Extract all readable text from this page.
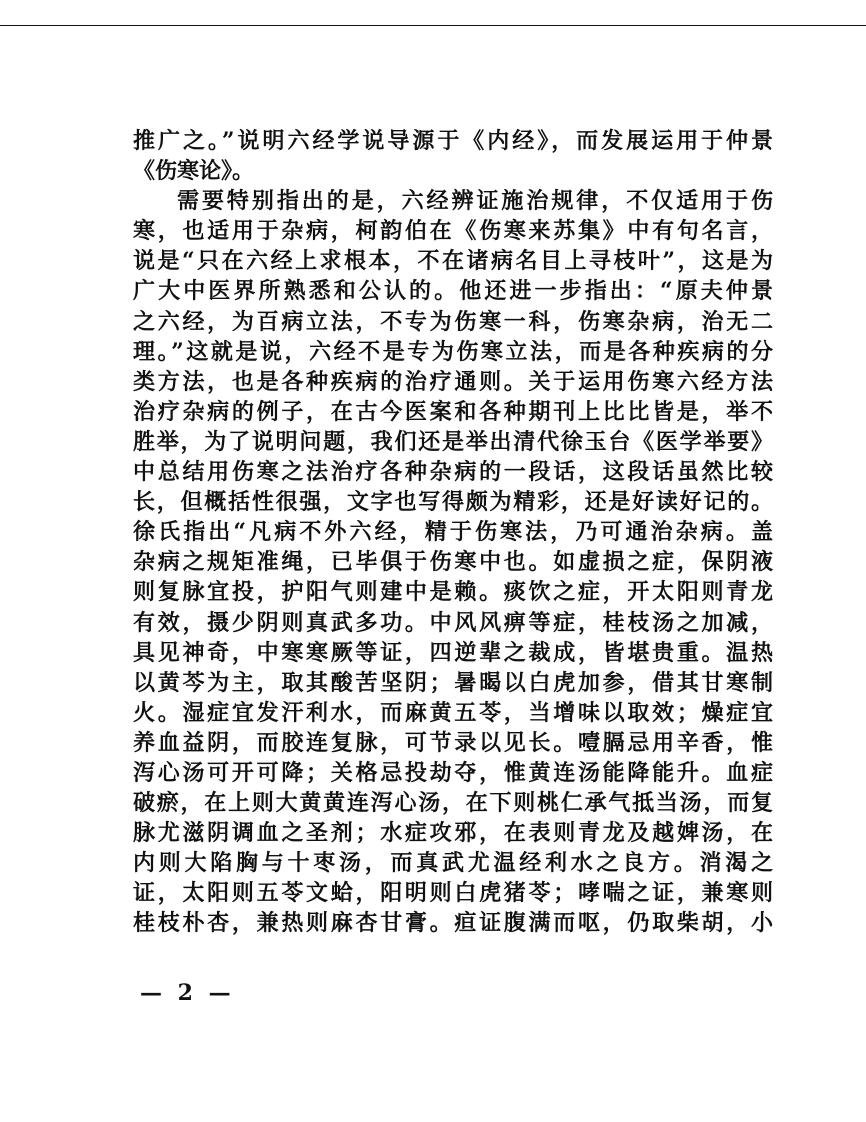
推广之。”说明六经学说导源于《内经》，而发展运用于仲景
《伤寒论》。
需要特别指出的是，六经辨证施治规律，不仅适用于伤
寒，也适用于杂病，柯韵伯在《伤寒来苏集》中有句名言，
说是“只在六经上求根本，不在诸病名目上寻枝叶”，这是为
广大中医界所熟悉和公认的。他还进一步指出：“原夫仲景
之六经，为百病立法，不专为伤寒一科，伤寒杂病，治无二
理。”这就是说，六经不是专为伤寒立法，而是各种疾病的分
类方法，也是各种疾病的治疗通则。关于运用伤寒六经方法
治疗杂病的例子，在古今医案和各种期刊上比比皆是，举不
胜举，为了说明问题，我们还是举出清代徐玉台《医学举要》
中总结用伤寒之法治疗各种杂病的一段话，这段话虽然比较
长，但概括性很强，文字也写得颇为精彩，还是好读好记的。
徐氏指出“凡病不外六经，精于伤寒法，乃可通治杂病。盖
杂病之规矩准绳，已毕俱于伤寒中也。如虚损之症，保阴液
则复脉宜投，护阳气则建中是赖。痰饮之症，开太阳则青龙
有效，摄少阴则真武多功。中风风痹等症，桂枝汤之加减，
具见神奇，中寒寒厥等证，四逆辈之裁成，皆堪贵重。温热
以黄芩为主，取其酸苦坚阴；暑暍以白虎加参，借其甘寒制
火。湿症宜发汗利水，而麻黄五苓，当增味以取效；燥症宜
养血益阴，而胶连复脉，可节录以见长。噎膈忌用辛香，惟
泻心汤可开可降；关格忌投劫夺，惟黄连汤能降能升。血症
破瘀，在上则大黄黄连泻心汤，在下则桃仁承气抵当汤，而复
脉尤滋阴调血之圣剂；水症攻邪，在表则青龙及越婢汤，在
内则大陷胸与十枣汤，而真武尤温经利水之良方。消渴之
证，太阳则五苓文蛤，阳明则白虎猪苓；哮喘之证，兼寒则
桂枝朴杏，兼热则麻杏甘膏。疸证腹满而呕，仍取柴胡，小
— 2 —
